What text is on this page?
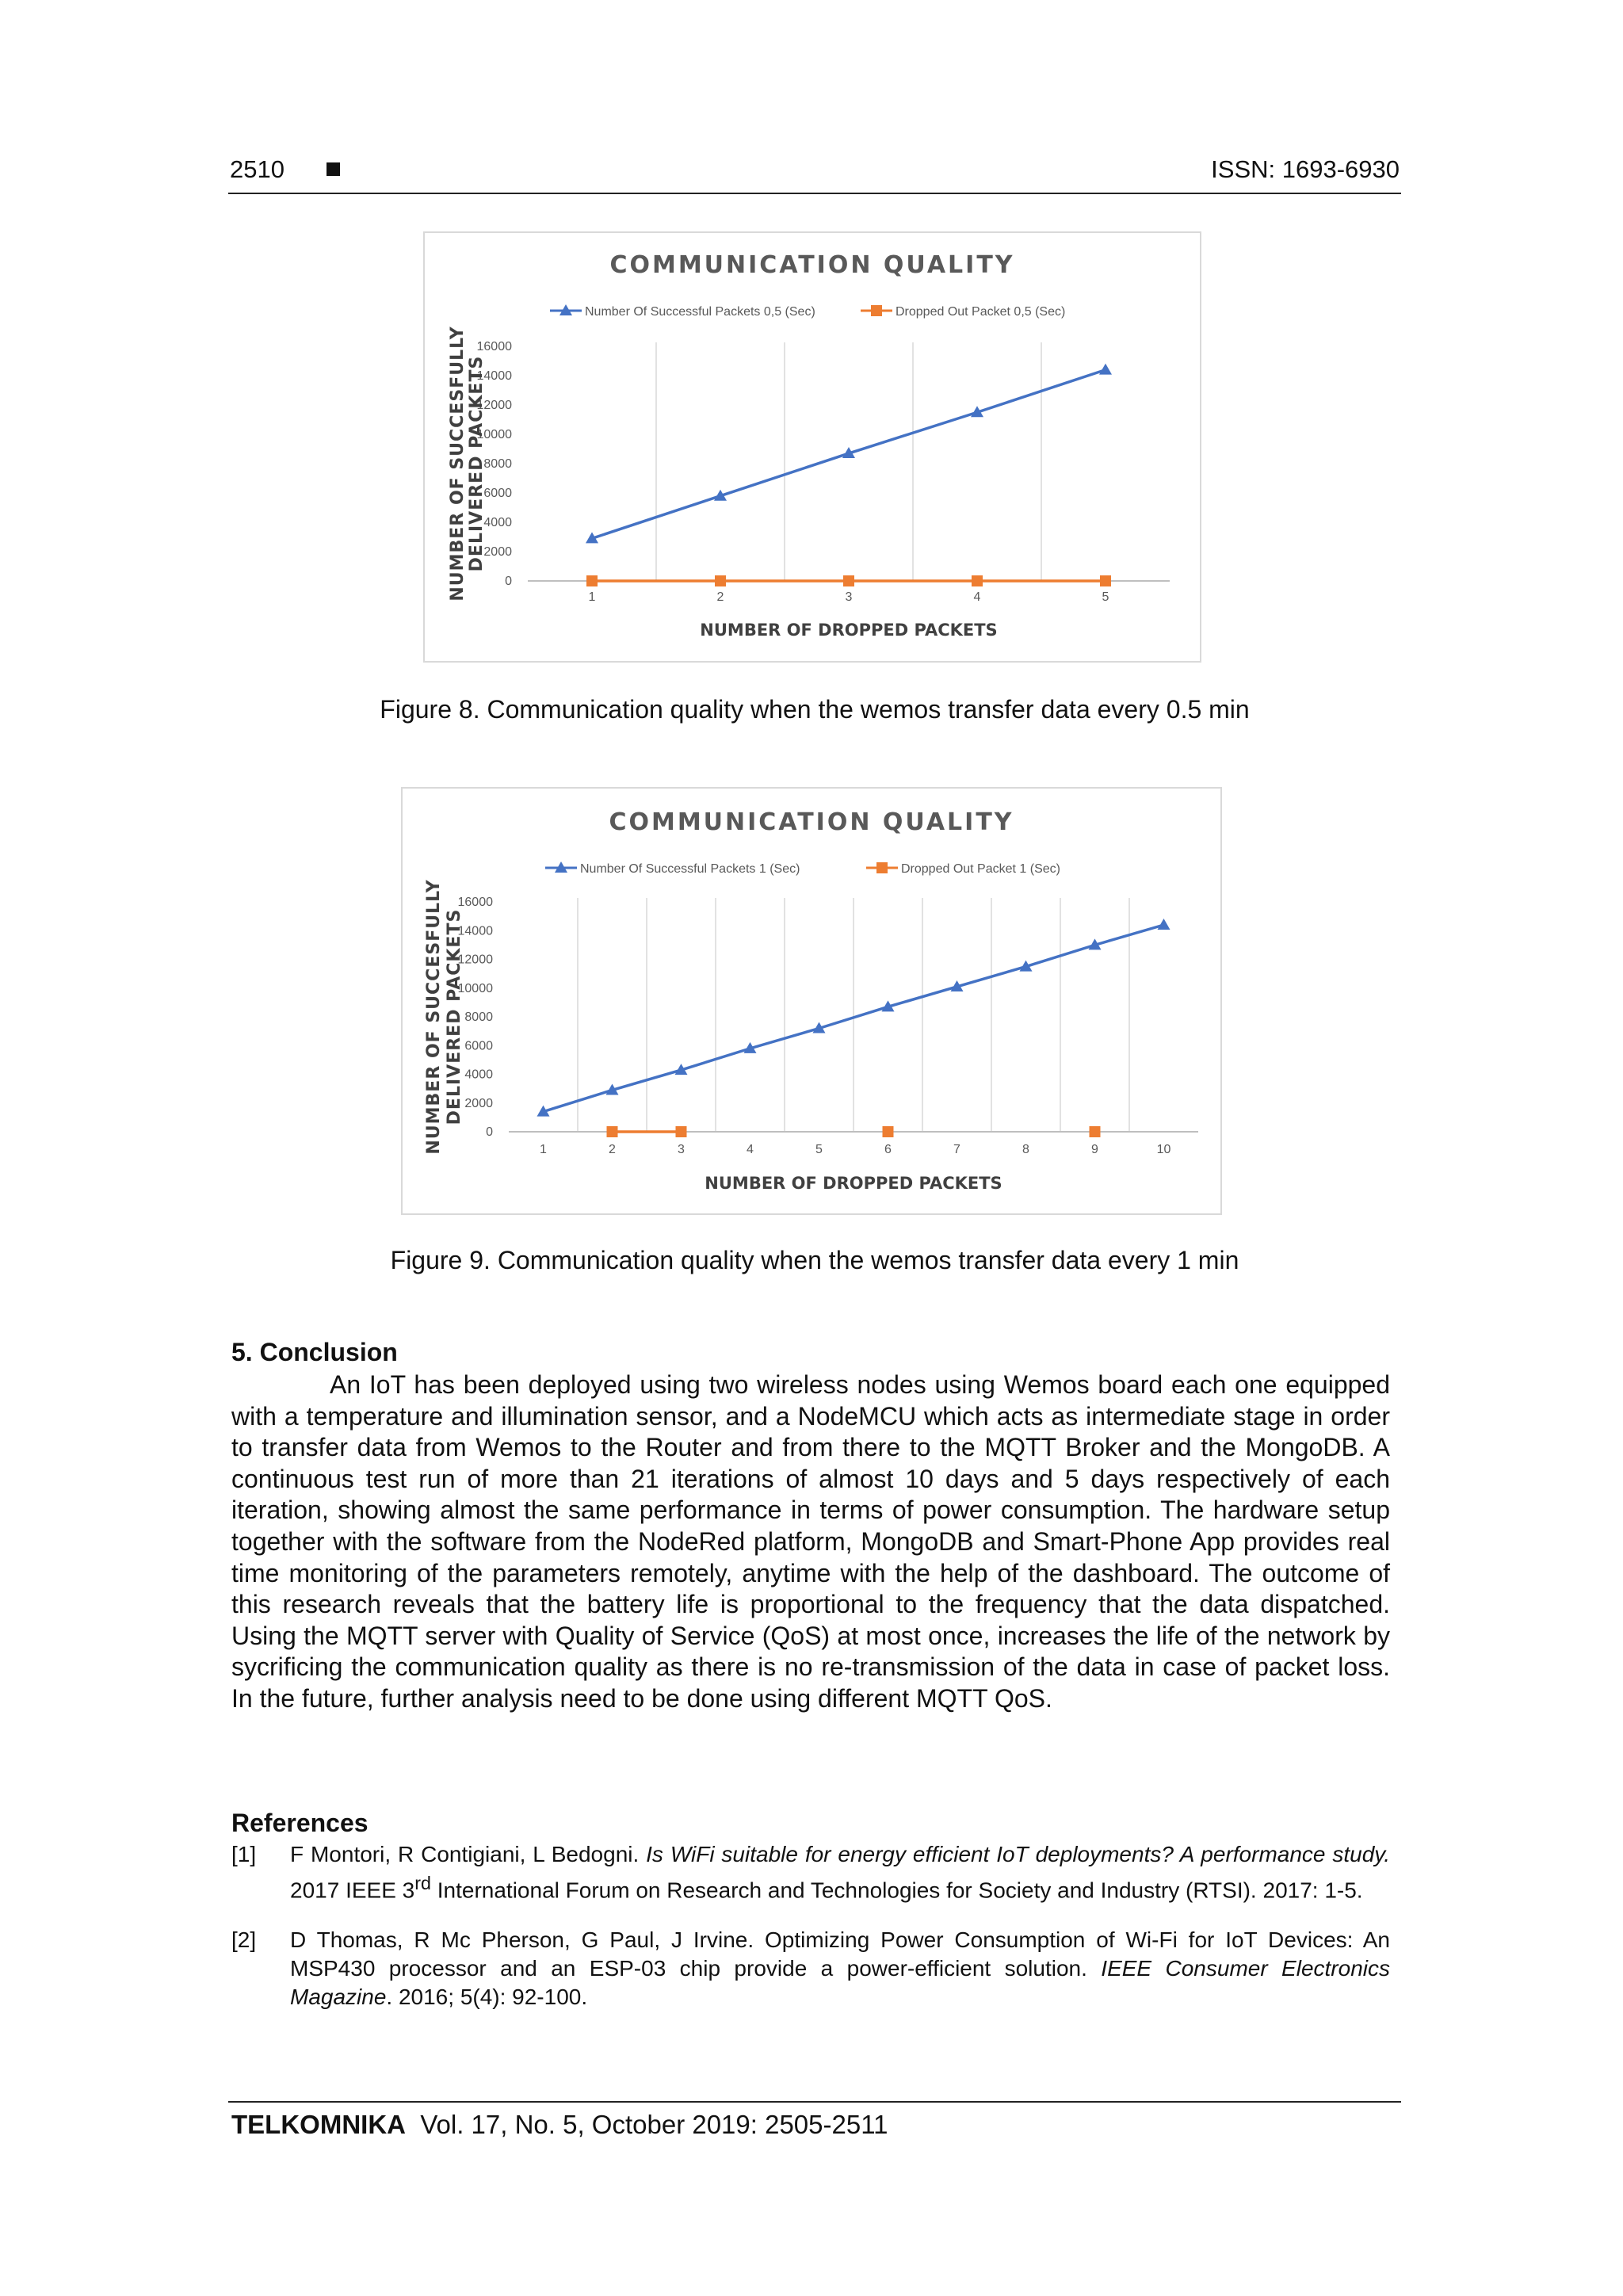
2510	ISSN: 1693-6930
COMMUNICATION QUALITY
Number Of Successful Packets 0,5 (Sec)	Dropped Out Packet 0,5 (Sec)
0
2000
4000
6000
8000
10000
12000
14000
16000
1	2	3	4	5
NUMBER OF DROPPED PACKETS
NUMBER OF SUCCESFULLY DELIVERED PACKETS
Figure 8. Communication quality when the wemos transfer data every 0.5 min
COMMUNICATION QUALITY
Number Of Successful Packets 1 (Sec)	Dropped Out Packet 1 (Sec)
0
2000
4000
6000
8000
10000
12000
14000
16000
1	2	3	4	5	6	7	8	9	10
NUMBER OF DROPPED PACKETS
NUMBER OF SUCCESFULLY DELIVERED PACKETS
Figure 9. Communication quality when the wemos transfer data every 1 min
5. Conclusion

An IoT has been deployed using two wireless nodes using Wemos board each one equipped with a temperature and illumination sensor, and a NodeMCU which acts as intermediate stage in order to transfer data from Wemos to the Router and from there to the MQTT Broker and the MongoDB. A continuous test run of more than 21 iterations of almost 10 days and 5 days respectively of each iteration, showing almost the same performance in terms of power consumption. The hardware setup together with the software from the NodeRed platform, MongoDB and Smart-Phone App provides real time monitoring of the parameters remotely, anytime with the help of the dashboard. The outcome of this research reveals that the battery life is proportional to the frequency that the data dispatched. Using the MQTT server with Quality of Service (QoS) at most once, increases the life of the network by sycrificing the communication quality as there is no re-transmission of the data in case of packet loss. In the future, further analysis need to be done using different MQTT QoS.

References
[1] F Montori, R Contigiani, L Bedogni. Is WiFi suitable for energy efficient IoT deployments? A performance study. 2017 IEEE 3rd International Forum on Research and Technologies for Society and Industry (RTSI). 2017: 1-5.
[2] D Thomas, R Mc Pherson, G Paul, J Irvine. Optimizing Power Consumption of Wi-Fi for IoT Devices: An MSP430 processor and an ESP-03 chip provide a power-efficient solution. IEEE Consumer Electronics Magazine. 2016; 5(4): 92-100.
TELKOMNIKA Vol. 17, No. 5, October 2019: 2505-2511
